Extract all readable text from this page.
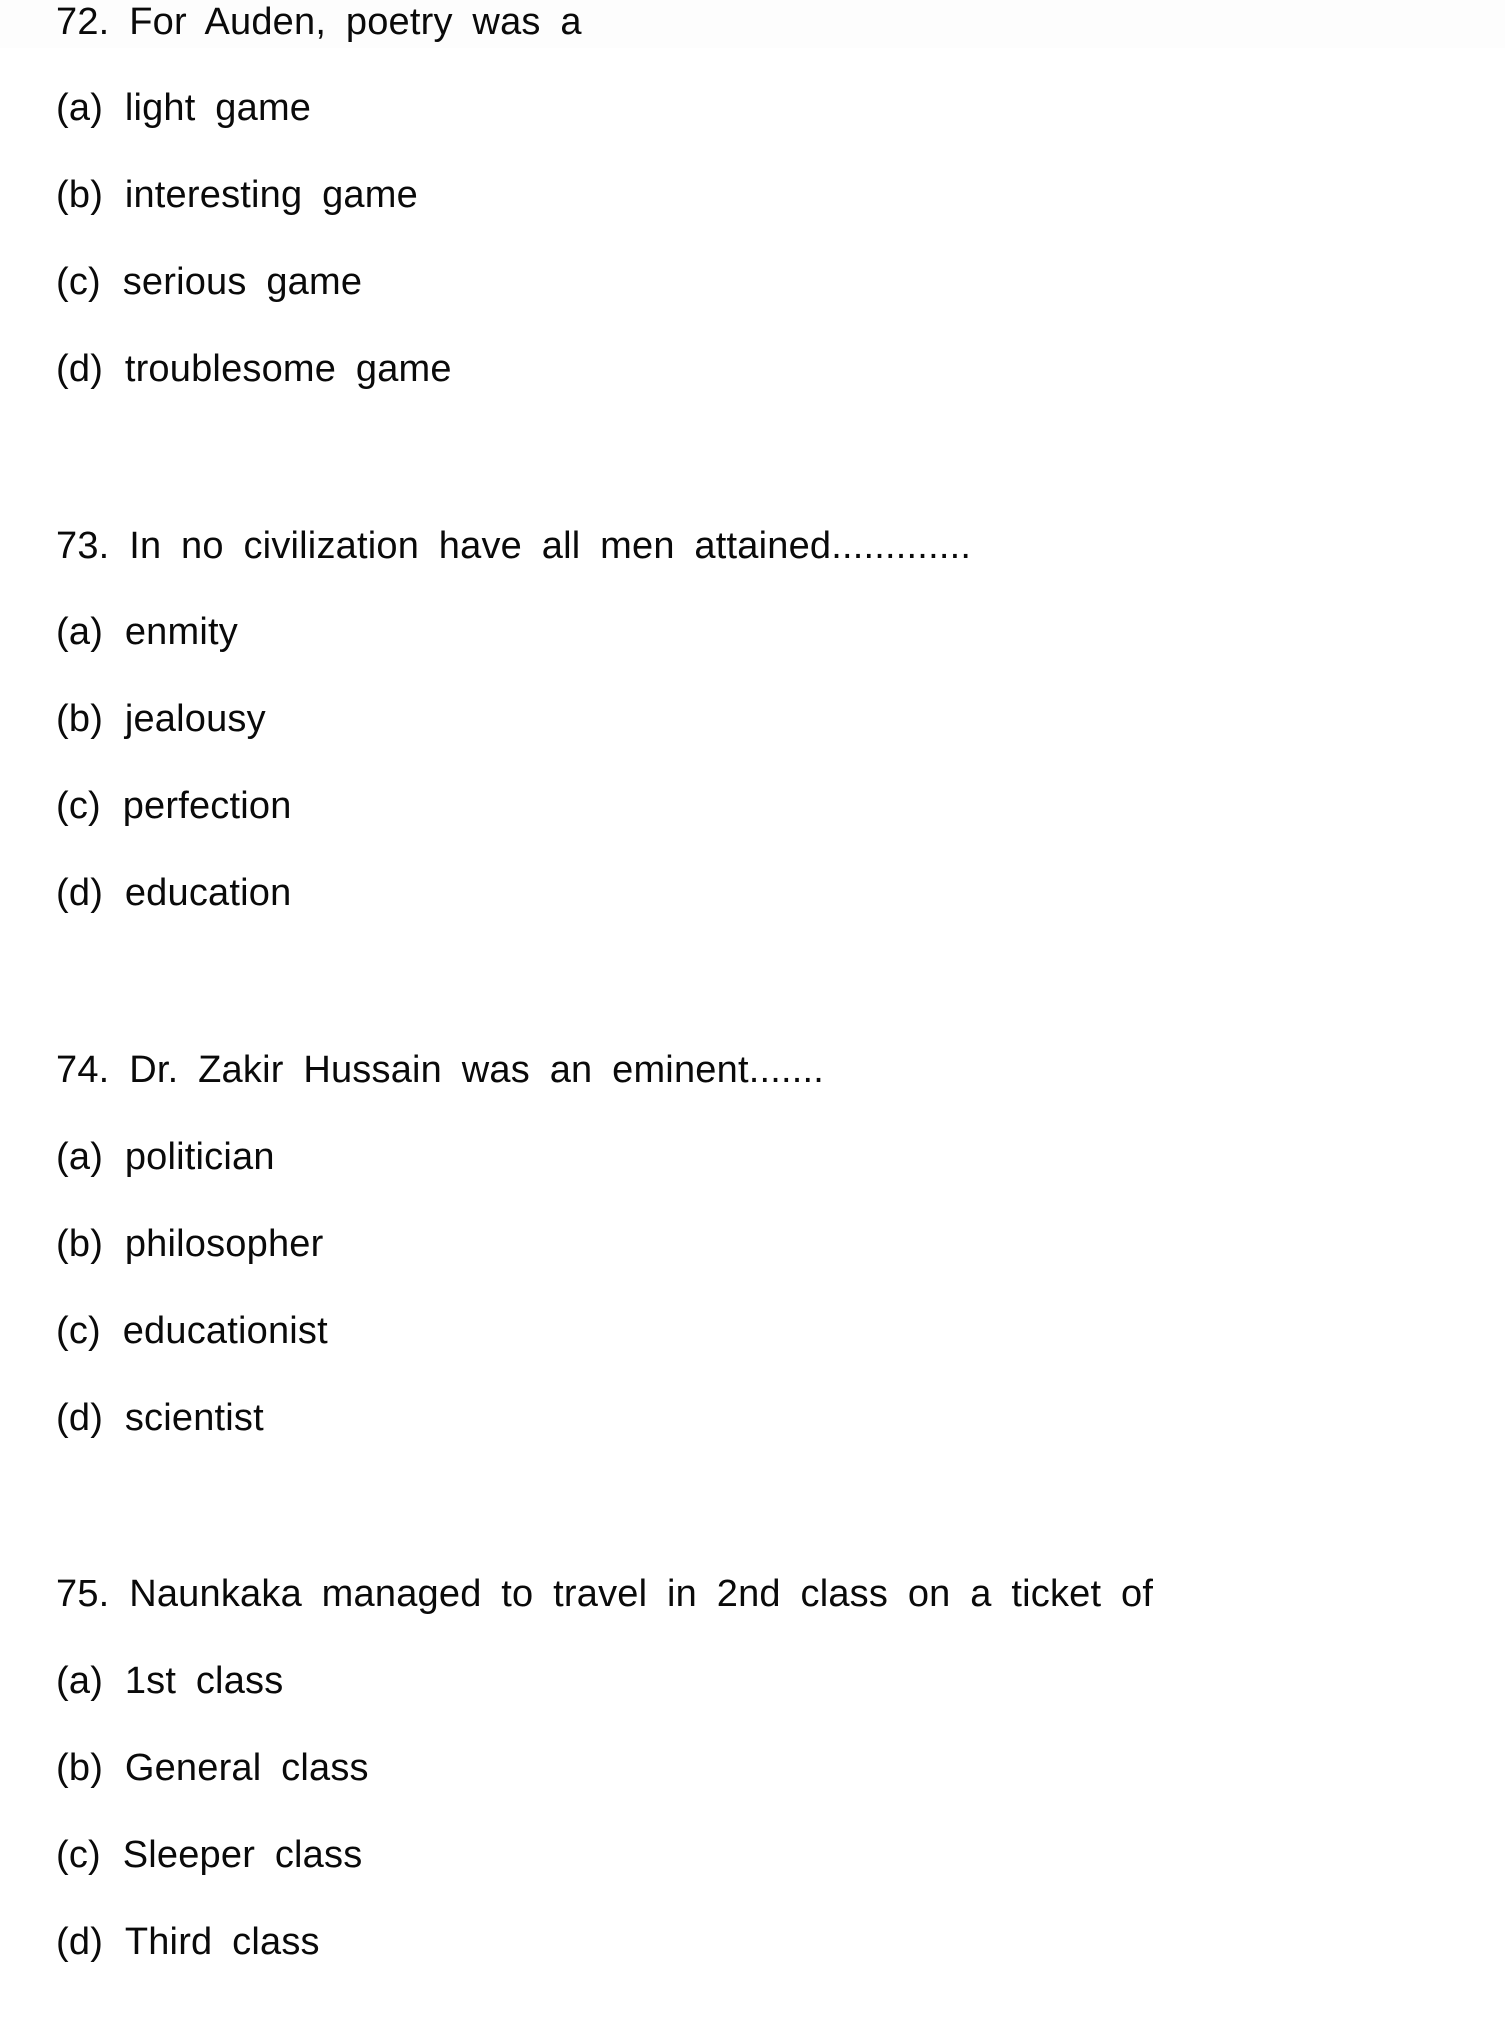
72. For Auden, poetry was a
(a) light game
(b) interesting game
(c) serious game
(d) troublesome game
73. In no civilization have all men attained.............
(a) enmity
(b) jealousy
(c) perfection
(d) education
74. Dr. Zakir Hussain was an eminent.......
(a) politician
(b) philosopher
(c) educationist
(d) scientist
75. Naunkaka managed to travel in 2nd class on a ticket of
(a) 1st class
(b) General class
(c) Sleeper class
(d) Third class
